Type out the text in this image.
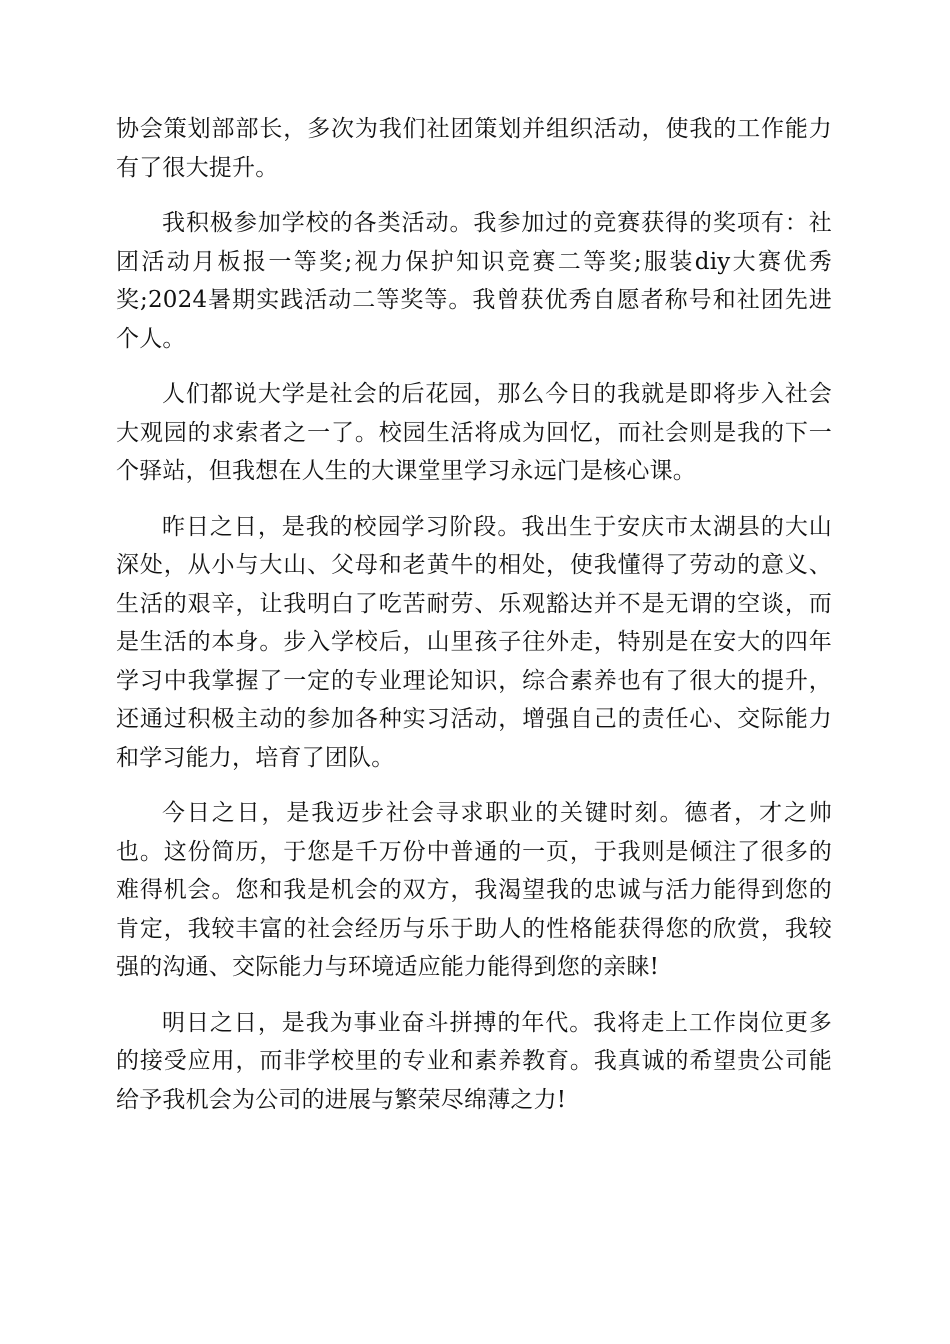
协会策划部部长，多次为我们社团策划并组织活动，使我的工作能力有了很大提升。

我积极参加学校的各类活动。我参加过的竞赛获得的奖项有：社团活动月板报一等奖;视力保护知识竞赛二等奖;服装diy大赛优秀奖;2024暑期实践活动二等奖等。我曾获优秀自愿者称号和社团先进个人。

人们都说大学是社会的后花园，那么今日的我就是即将步入社会大观园的求索者之一了。校园生活将成为回忆，而社会则是我的下一个驿站，但我想在人生的大课堂里学习永远门是核心课。

昨日之日，是我的校园学习阶段。我出生于安庆市太湖县的大山深处，从小与大山、父母和老黄牛的相处，使我懂得了劳动的意义、生活的艰辛，让我明白了吃苦耐劳、乐观豁达并不是无谓的空谈，而是生活的本身。步入学校后，山里孩子往外走，特别是在安大的四年学习中我掌握了一定的专业理论知识，综合素养也有了很大的提升，还通过积极主动的参加各种实习活动，增强自己的责任心、交际能力和学习能力，培育了团队。

今日之日，是我迈步社会寻求职业的关键时刻。德者，才之帅也。这份简历，于您是千万份中普通的一页，于我则是倾注了很多的难得机会。您和我是机会的双方，我渴望我的忠诚与活力能得到您的肯定，我较丰富的社会经历与乐于助人的性格能获得您的欣赏，我较强的沟通、交际能力与环境适应能力能得到您的亲睐!

明日之日，是我为事业奋斗拼搏的年代。我将走上工作岗位更多的接受应用，而非学校里的专业和素养教育。我真诚的希望贵公司能给予我机会为公司的进展与繁荣尽绵薄之力!
